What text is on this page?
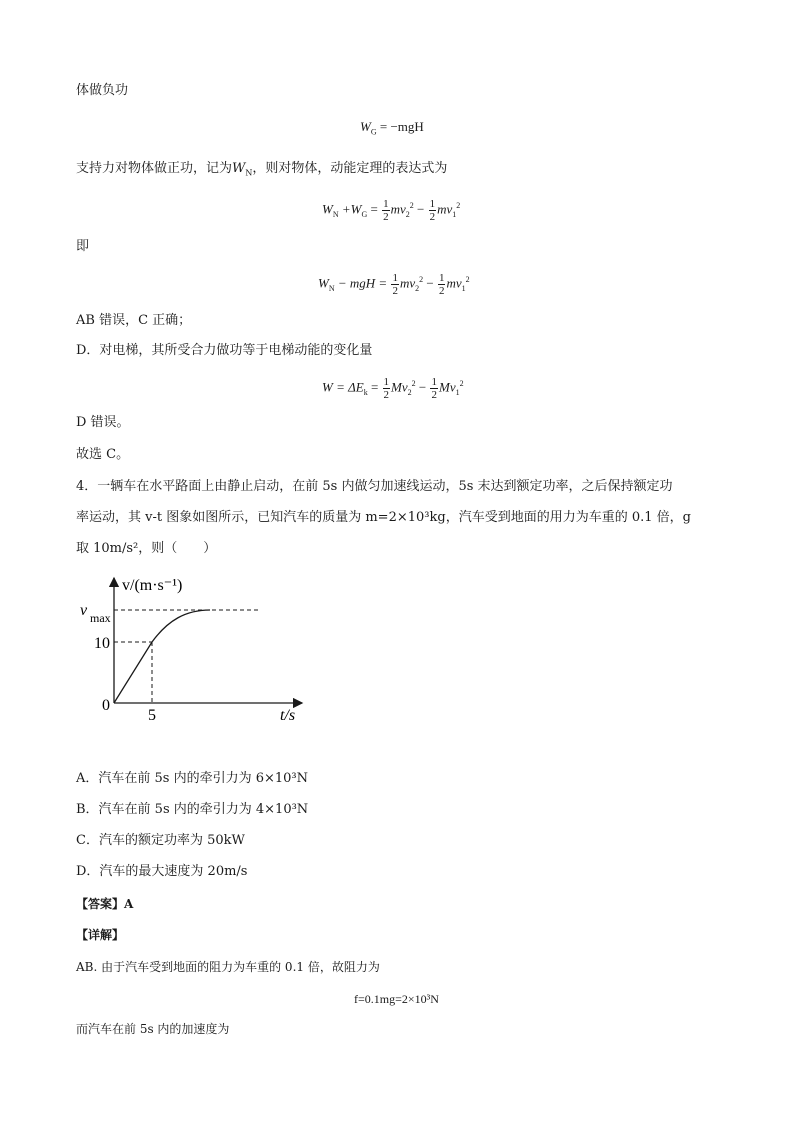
体做负功
$W_G = -mgH$
支持力对物体做正功，记为$W_N$，则对物体，动能定理的表达式为
$W_N +W_G = \frac{1}{2} mv_2^2 - \frac{1}{2} mv_1^2$
即
$W_N$ − mgH = $\frac{1}{2} mv_2^2 - \frac{1}{2} mv_1^2$
AB 错误，C 正确；
D．对电梯，其所受合力做功等于电梯动能的变化量
$W = \Delta E_k = \frac{1}{2} Mv_2^2 - \frac{1}{2} Mv_1^2$
D 错误。
故选 C。
4．一辆车在水平路面上由静止启动，在前 5s 内做匀加速线运动，5s 末达到额定功率，之后保持额定功
率运动，其 v-t 图象如图所示，已知汽车的质量为 m=2×10³kg，汽车受到地面的用力为车重的 0.1 倍，g
取 10m/s²，则（　　）
v/(m·s⁻¹)
v max
10
0
5	t/s
A．汽车在前 5s 内的牵引力为 6×10³N
B．汽车在前 5s 内的牵引力为 4×10³N
C．汽车的额定功率为 50kW
D．汽车的最大速度为 20m/s
【答案】A
【详解】
AB. 由于汽车受到地面的阻力为车重的 0.1 倍，故阻力为
f=0.1mg=2×10³N
而汽车在前 5s 内的加速度为
